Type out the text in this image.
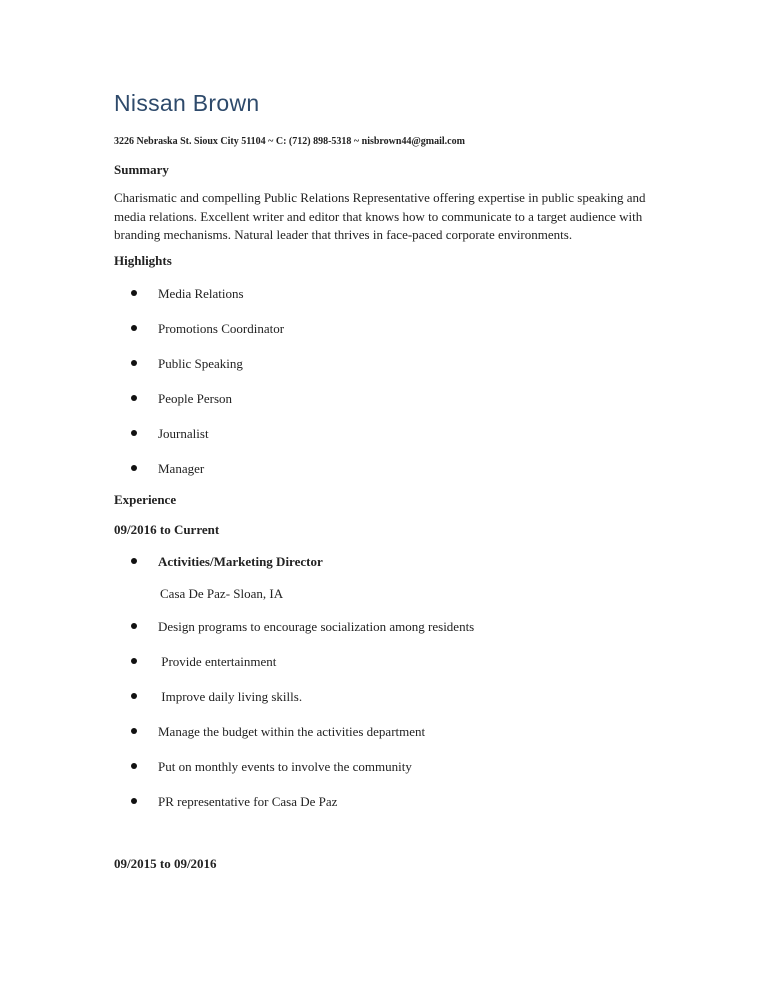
Nissan Brown
3226 Nebraska St. Sioux City 51104 ~ C: (712) 898-5318 ~ nisbrown44@gmail.com
Summary
Charismatic and compelling Public Relations Representative offering expertise in public speaking and media relations. Excellent writer and editor that knows how to communicate to a target audience with branding mechanisms. Natural leader that thrives in face-paced corporate environments.
Highlights
Media Relations
Promotions Coordinator
Public Speaking
People Person
Journalist
Manager
Experience
09/2016 to Current
Activities/Marketing Director
Casa De Paz- Sloan, IA
Design programs to encourage socialization among residents
Provide entertainment
Improve daily living skills.
Manage the budget within the activities department
Put on monthly events to involve the community
PR representative for Casa De Paz
09/2015 to 09/2016
